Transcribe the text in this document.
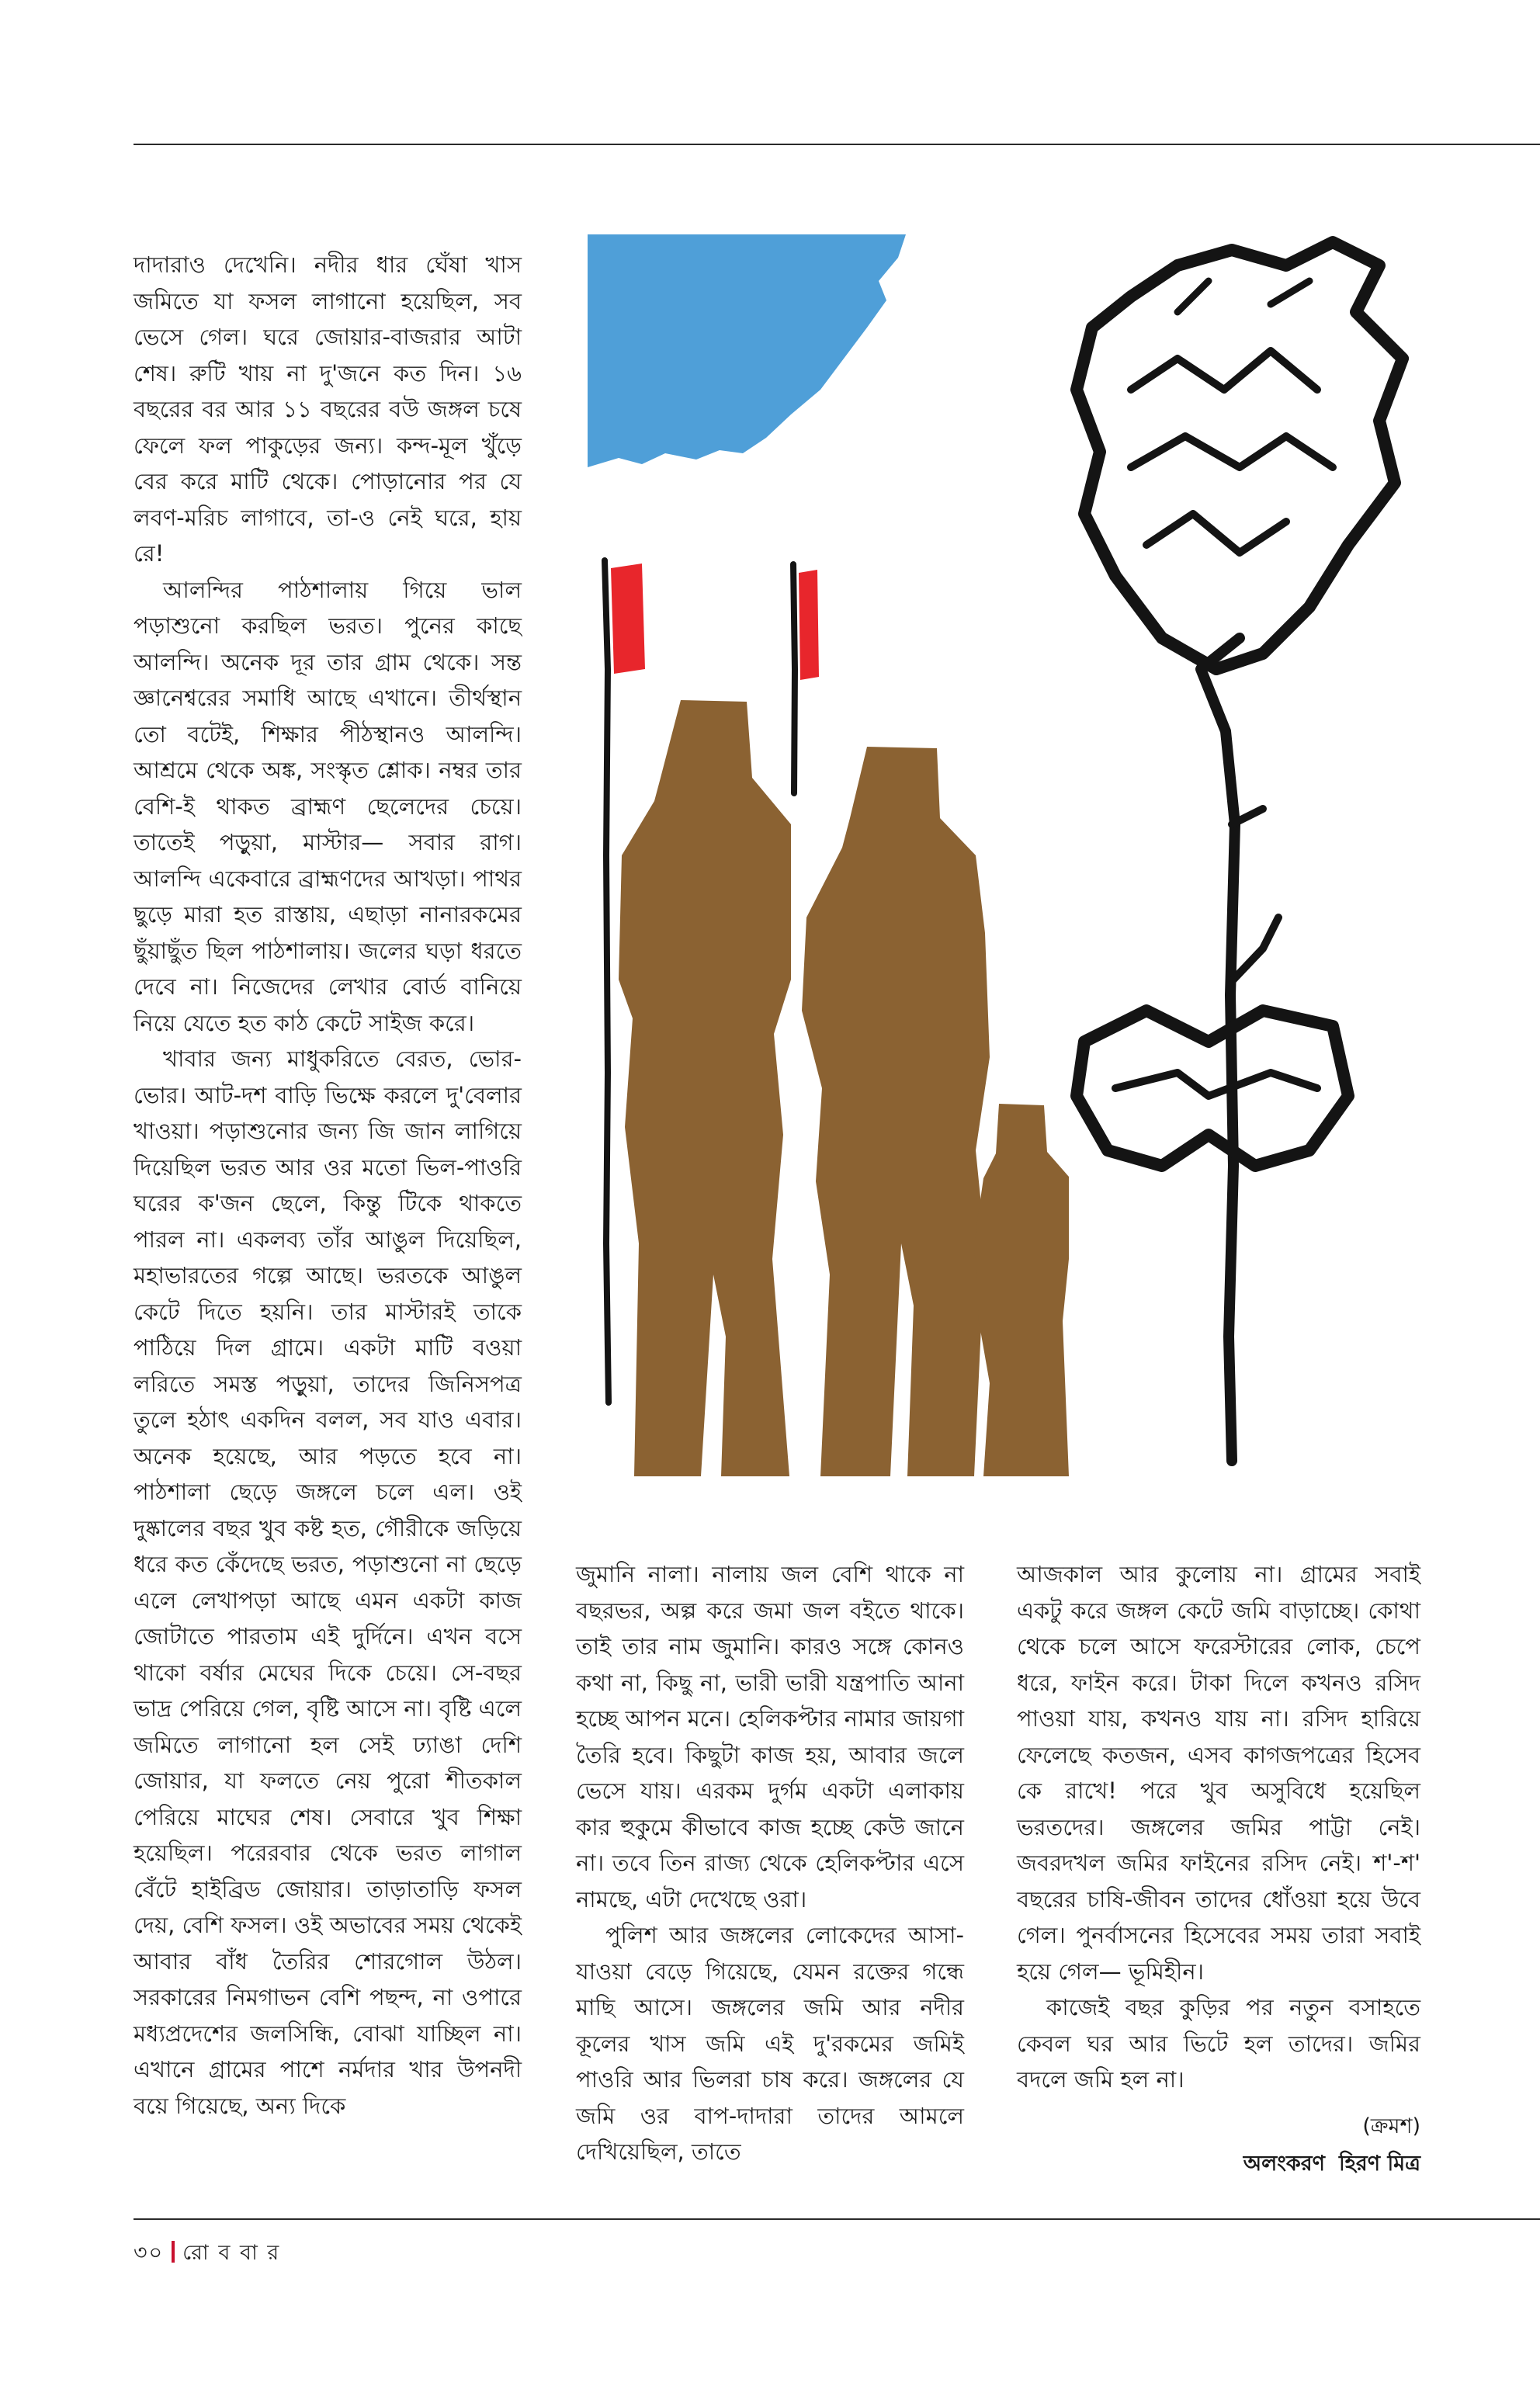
দাদারাও দেখেনি। নদীর ধার ঘেঁষা খাস জমিতে যা ফসল লাগানো হয়েছিল, সব ভেসে গেল। ঘরে জোয়ার-বাজরার আটা শেষ। রুটি খায় না দু'জনে কত দিন। ১৬ বছরের বর আর ১১ বছরের বউ জঙ্গল চষে ফেলে ফল পাকুড়ের জন্য। কন্দ-মূল খুঁড়ে বের করে মাটি থেকে। পোড়ানোর পর যে লবণ-মরিচ লাগাবে, তা-ও নেই ঘরে, হায় রে!

আলন্দির পাঠশালায় গিয়ে ভাল পড়াশুনো করছিল ভরত। পুনের কাছে আলন্দি। অনেক দূর তার গ্রাম থেকে। সন্ত জ্ঞানেশ্বরের সমাধি আছে এখানে। তীর্থস্থান তো বটেই, শিক্ষার পীঠস্থানও আলন্দি। আশ্রমে থেকে অঙ্ক, সংস্কৃত শ্লোক। নম্বর তার বেশি-ই থাকত ব্রাহ্মণ ছেলেদের চেয়ে। তাতেই পড়ুয়া, মাস্টার— সবার রাগ। আলন্দি একেবারে ব্রাহ্মণদের আখড়া। পাথর ছুড়ে মারা হত রাস্তায়, এছাড়া নানারকমের ছুঁয়াছুঁত ছিল পাঠশালায়। জলের ঘড়া ধরতে দেবে না। নিজেদের লেখার বোর্ড বানিয়ে নিয়ে যেতে হত কাঠ কেটে সাইজ করে।

খাবার জন্য মাধুকরিতে বেরত, ভোর-ভোর। আট-দশ বাড়ি ভিক্ষে করলে দু'বেলার খাওয়া। পড়াশুনোর জন্য জি জান লাগিয়ে দিয়েছিল ভরত আর ওর মতো ভিল-পাওরি ঘরের ক'জন ছেলে, কিন্তু টিকে থাকতে পারল না। একলব্য তাঁর আঙুল দিয়েছিল, মহাভারতের গল্পে আছে। ভরতকে আঙুল কেটে দিতে হয়নি। তার মাস্টারই তাকে পাঠিয়ে দিল গ্রামে। একটা মাটি বওয়া লরিতে সমস্ত পড়ুয়া, তাদের জিনিসপত্র তুলে হঠাৎ একদিন বলল, সব যাও এবার। অনেক হয়েছে, আর পড়তে হবে না। পাঠশালা ছেড়ে জঙ্গলে চলে এল। ওই দুষ্কালের বছর খুব কষ্ট হত, গৌরীকে জড়িয়ে ধরে কত কেঁদেছে ভরত, পড়াশুনো না ছেড়ে এলে লেখাপড়া আছে এমন একটা কাজ জোটাতে পারতাম এই দুর্দিনে। এখন বসে থাকো বর্ষার মেঘের দিকে চেয়ে। সে-বছর ভাদ্র পেরিয়ে গেল, বৃষ্টি আসে না। বৃষ্টি এলে জমিতে লাগানো হল সেই ঢ্যাঙা দেশি জোয়ার, যা ফলতে নেয় পুরো শীতকাল পেরিয়ে মাঘের শেষ। সেবারে খুব শিক্ষা হয়েছিল। পরেরবার থেকে ভরত লাগাল বেঁটে হাইব্রিড জোয়ার। তাড়াতাড়ি ফসল দেয়, বেশি ফসল। ওই অভাবের সময় থেকেই আবার বাঁধ তৈরির শোরগোল উঠল। সরকারের নিমগাভন বেশি পছন্দ, না ওপারে মধ্যপ্রদেশের জলসিন্ধি, বোঝা যাচ্ছিল না। এখানে গ্রামের পাশে নর্মদার খার উপনদী বয়ে গিয়েছে, অন্য দিকে

জুমানি নালা। নালায় জল বেশি থাকে না বছরভর, অল্প করে জমা জল বইতে থাকে। তাই তার নাম জুমানি। কারও সঙ্গে কোনও কথা না, কিছু না, ভারী ভারী যন্ত্রপাতি আনা হচ্ছে আপন মনে। হেলিকপ্টার নামার জায়গা তৈরি হবে। কিছুটা কাজ হয়, আবার জলে ভেসে যায়। এরকম দুর্গম একটা এলাকায় কার হুকুমে কীভাবে কাজ হচ্ছে কেউ জানে না। তবে তিন রাজ্য থেকে হেলিকপ্টার এসে নামছে, এটা দেখেছে ওরা।

পুলিশ আর জঙ্গলের লোকেদের আসা-যাওয়া বেড়ে গিয়েছে, যেমন রক্তের গন্ধে মাছি আসে। জঙ্গলের জমি আর নদীর কূলের খাস জমি এই দু'রকমের জমিই পাওরি আর ভিলরা চাষ করে। জঙ্গলের যে জমি ওর বাপ-দাদারা তাদের আমলে দেখিয়েছিল, তাতে

আজকাল আর কুলোয় না। গ্রামের সবাই একটু করে জঙ্গল কেটে জমি বাড়াচ্ছে। কোথা থেকে চলে আসে ফরেস্টারের লোক, চেপে ধরে, ফাইন করে। টাকা দিলে কখনও রসিদ পাওয়া যায়, কখনও যায় না। রসিদ হারিয়ে ফেলেছে কতজন, এসব কাগজপত্রের হিসেব কে রাখে! পরে খুব অসুবিধে হয়েছিল ভরতদের। জঙ্গলের জমির পাট্টা নেই। জবরদখল জমির ফাইনের রসিদ নেই। শ'-শ' বছরের চাষি-জীবন তাদের ধোঁওয়া হয়ে উবে গেল। পুনর্বাসনের হিসেবের সময় তারা সবাই হয়ে গেল— ভূমিহীন।

কাজেই বছর কুড়ির পর নতুন বসাহতে কেবল ঘর আর ভিটে হল তাদের। জমির বদলে জমি হল না।

(ক্রমশ)
অলংকরণ হিরণ মিত্র
৩০ রো ব বা র
